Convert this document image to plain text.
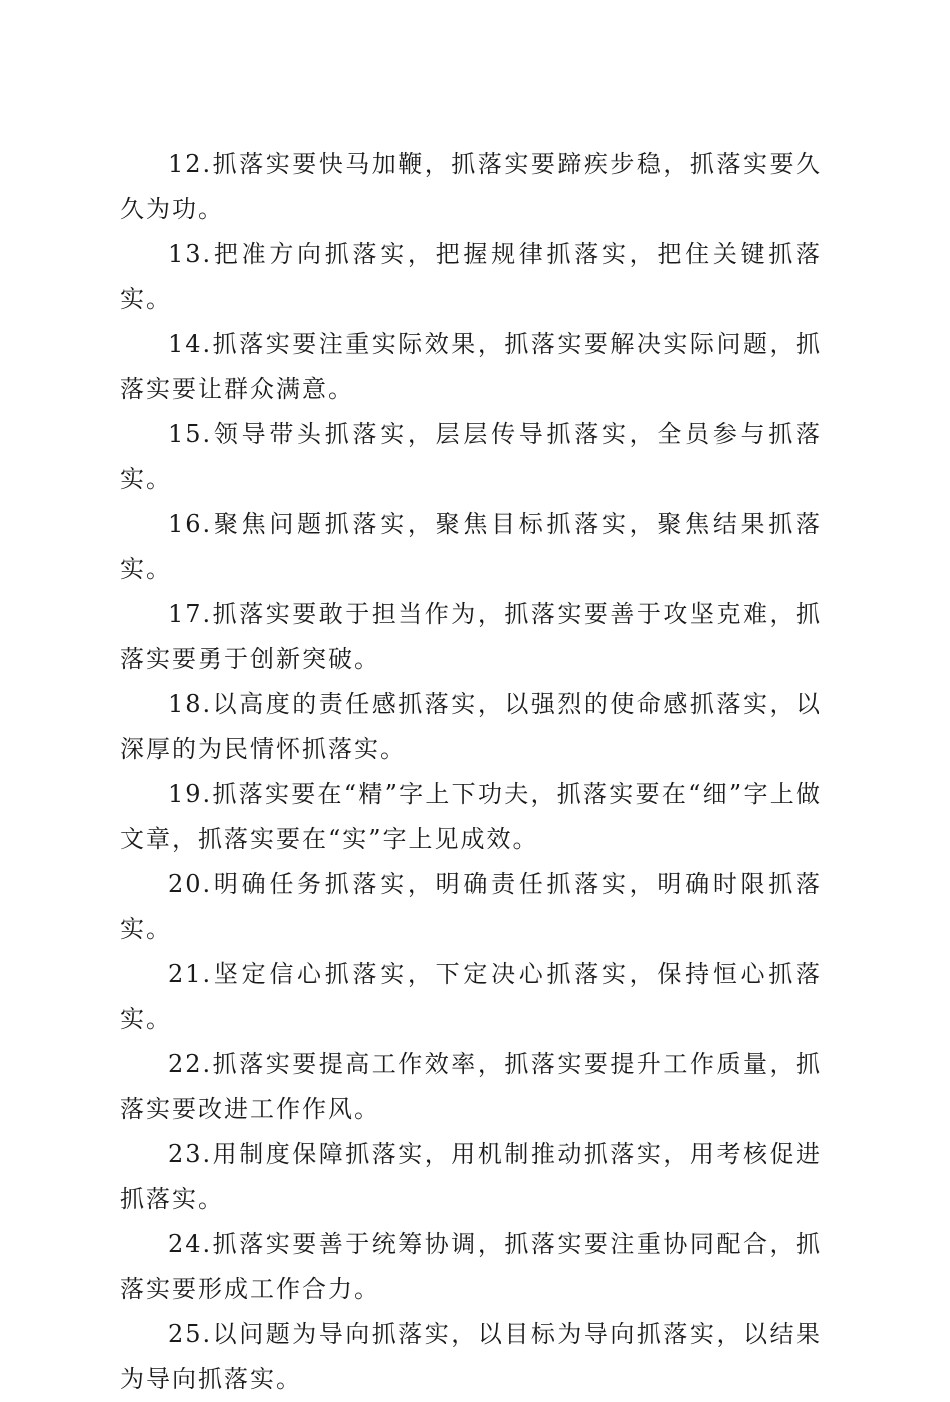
12.抓落实要快马加鞭，抓落实要蹄疾步稳，抓落实要久久为功。

13.把准方向抓落实，把握规律抓落实，把住关键抓落实。

14.抓落实要注重实际效果，抓落实要解决实际问题，抓落实要让群众满意。

15.领导带头抓落实，层层传导抓落实，全员参与抓落实。

16.聚焦问题抓落实，聚焦目标抓落实，聚焦结果抓落实。

17.抓落实要敢于担当作为，抓落实要善于攻坚克难，抓落实要勇于创新突破。

18.以高度的责任感抓落实，以强烈的使命感抓落实，以深厚的为民情怀抓落实。

19.抓落实要在“精”字上下功夫，抓落实要在“细”字上做文章，抓落实要在“实”字上见成效。

20.明确任务抓落实，明确责任抓落实，明确时限抓落实。

21.坚定信心抓落实，下定决心抓落实，保持恒心抓落实。

22.抓落实要提高工作效率，抓落实要提升工作质量，抓落实要改进工作作风。

23.用制度保障抓落实，用机制推动抓落实，用考核促进抓落实。

24.抓落实要善于统筹协调，抓落实要注重协同配合，抓落实要形成工作合力。

25.以问题为导向抓落实，以目标为导向抓落实，以结果为导向抓落实。
